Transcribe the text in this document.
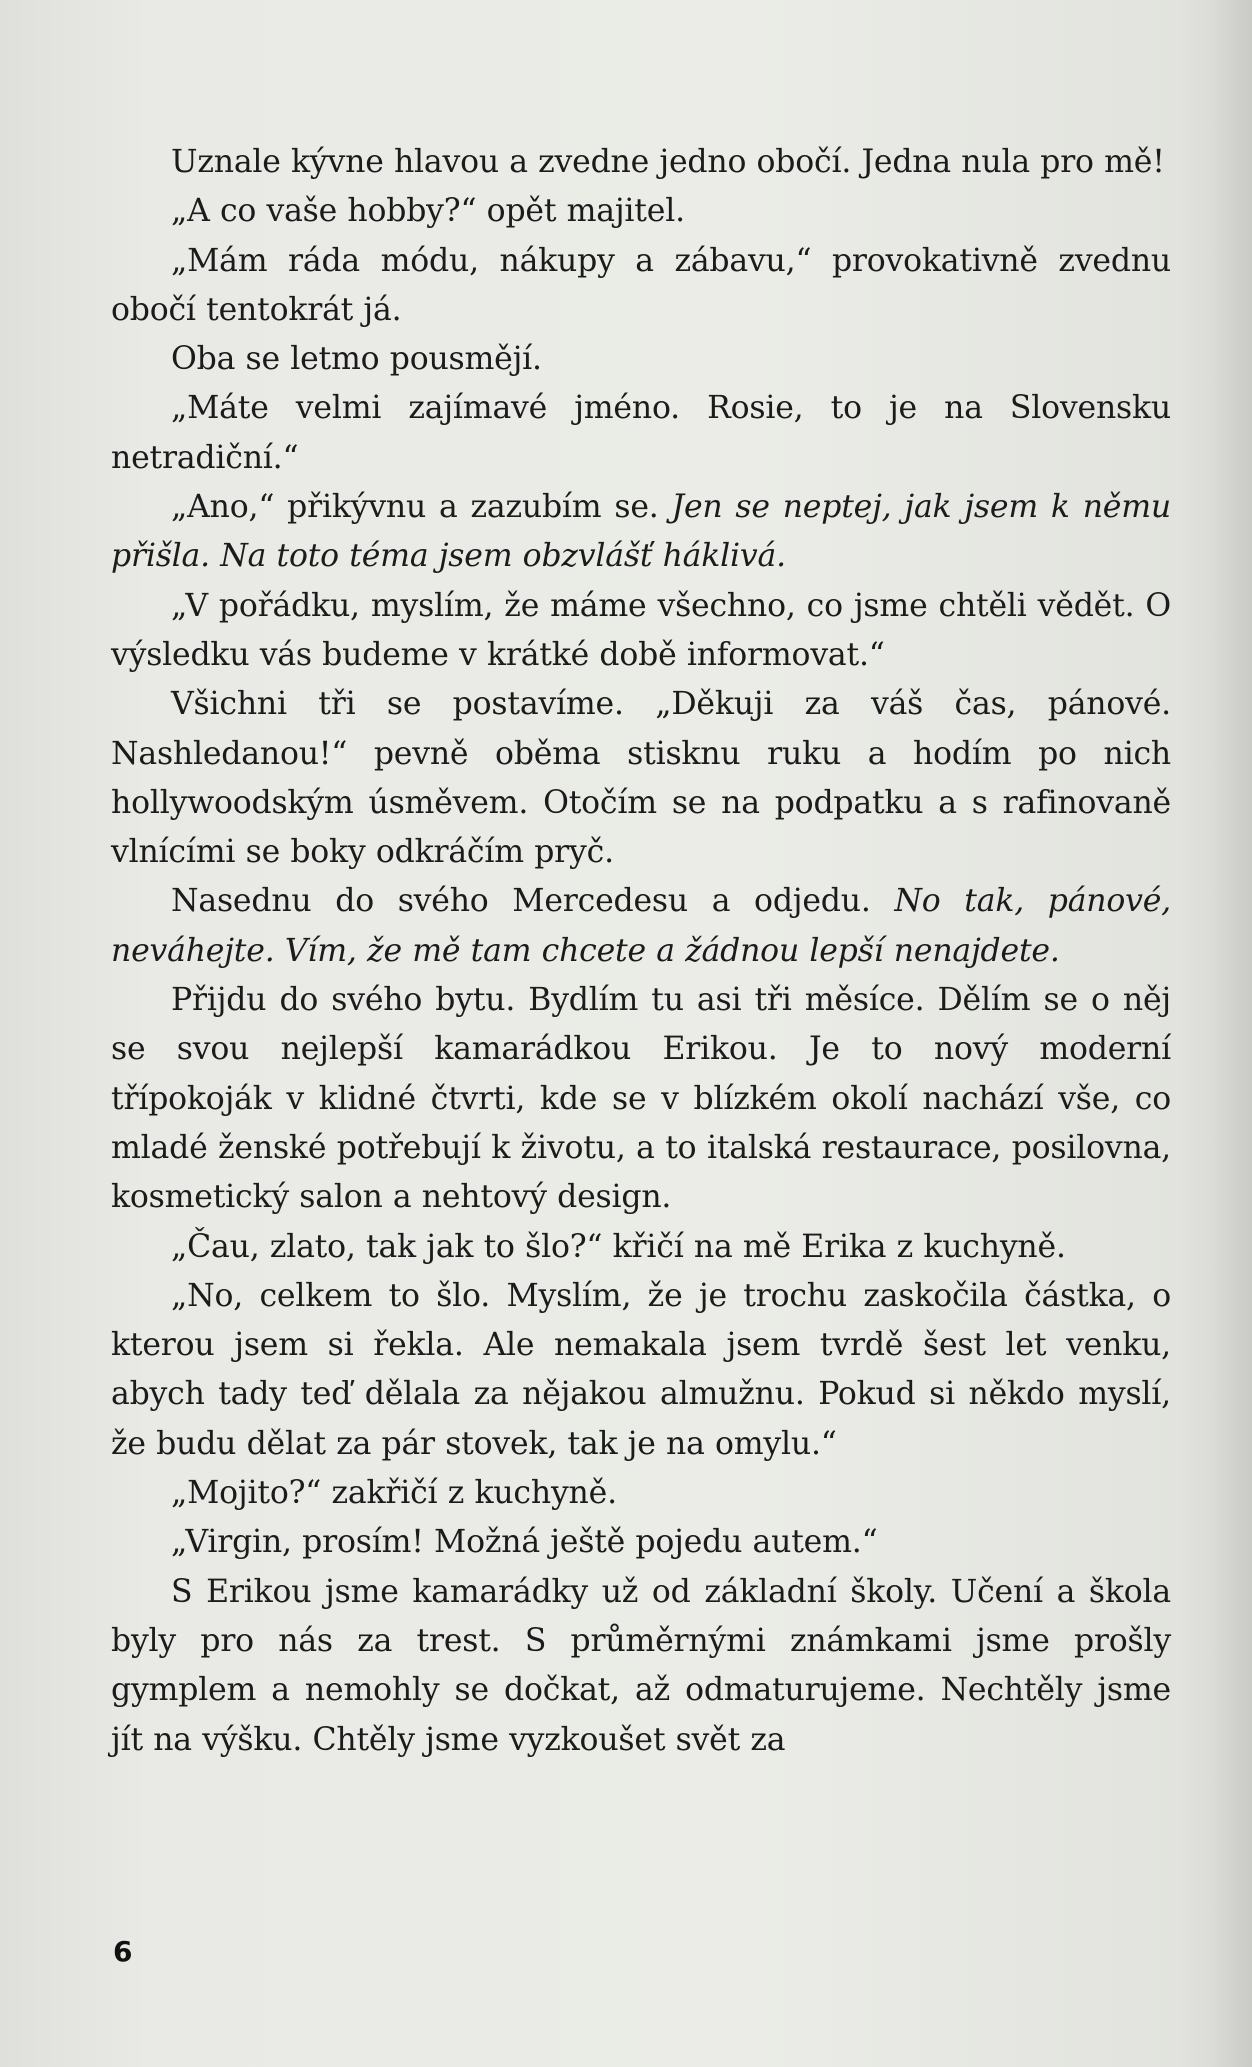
Uznale kývne hlavou a zvedne jedno obočí. Jedna nula pro mě!

„A co vaše hobby?“ opět majitel.

„Mám ráda módu, nákupy a zábavu,“ provokativně zvednu obočí tentokrát já.

Oba se letmo pousmějí.

„Máte velmi zajímavé jméno. Rosie, to je na Slovensku netradiční.“

„Ano,“ přikývnu a zazubím se. Jen se neptej, jak jsem k němu přišla. Na toto téma jsem obzvlášť háklivá.

„V pořádku, myslím, že máme všechno, co jsme chtěli vědět. O výsledku vás budeme v krátké době informovat.“

Všichni tři se postavíme. „Děkuji za váš čas, pánové. Nashledanou!“ pevně oběma stisknu ruku a hodím po nich hollywoodským úsměvem. Otočím se na podpatku a s rafinovaně vlnícími se boky odkráčím pryč.

Nasednu do svého Mercedesu a odjedu. No tak, pánové, neváhejte. Vím, že mě tam chcete a žádnou lepší nenajdete.

Přijdu do svého bytu. Bydlím tu asi tři měsíce. Dělím se o něj se svou nejlepší kamarádkou Erikou. Je to nový moderní třípokoják v klidné čtvrti, kde se v blízkém okolí nachází vše, co mladé ženské potřebují k životu, a to italská restaurace, posilovna, kosmetický salon a nehtový design.

„Čau, zlato, tak jak to šlo?“ křičí na mě Erika z kuchyně.

„No, celkem to šlo. Myslím, že je trochu zaskočila částka, o kterou jsem si řekla. Ale nemakala jsem tvrdě šest let venku, abych tady teď dělala za nějakou almužnu. Pokud si někdo myslí, že budu dělat za pár stovek, tak je na omylu.“

„Mojito?“ zakřičí z kuchyně.

„Virgin, prosím! Možná ještě pojedu autem.“

S Erikou jsme kamarádky už od základní školy. Učení a škola byly pro nás za trest. S průměrnými známkami jsme prošly gymplem a nemohly se dočkat, až odmaturujeme. Nechtěly jsme jít na výšku. Chtěly jsme vyzkoušet svět za

6
